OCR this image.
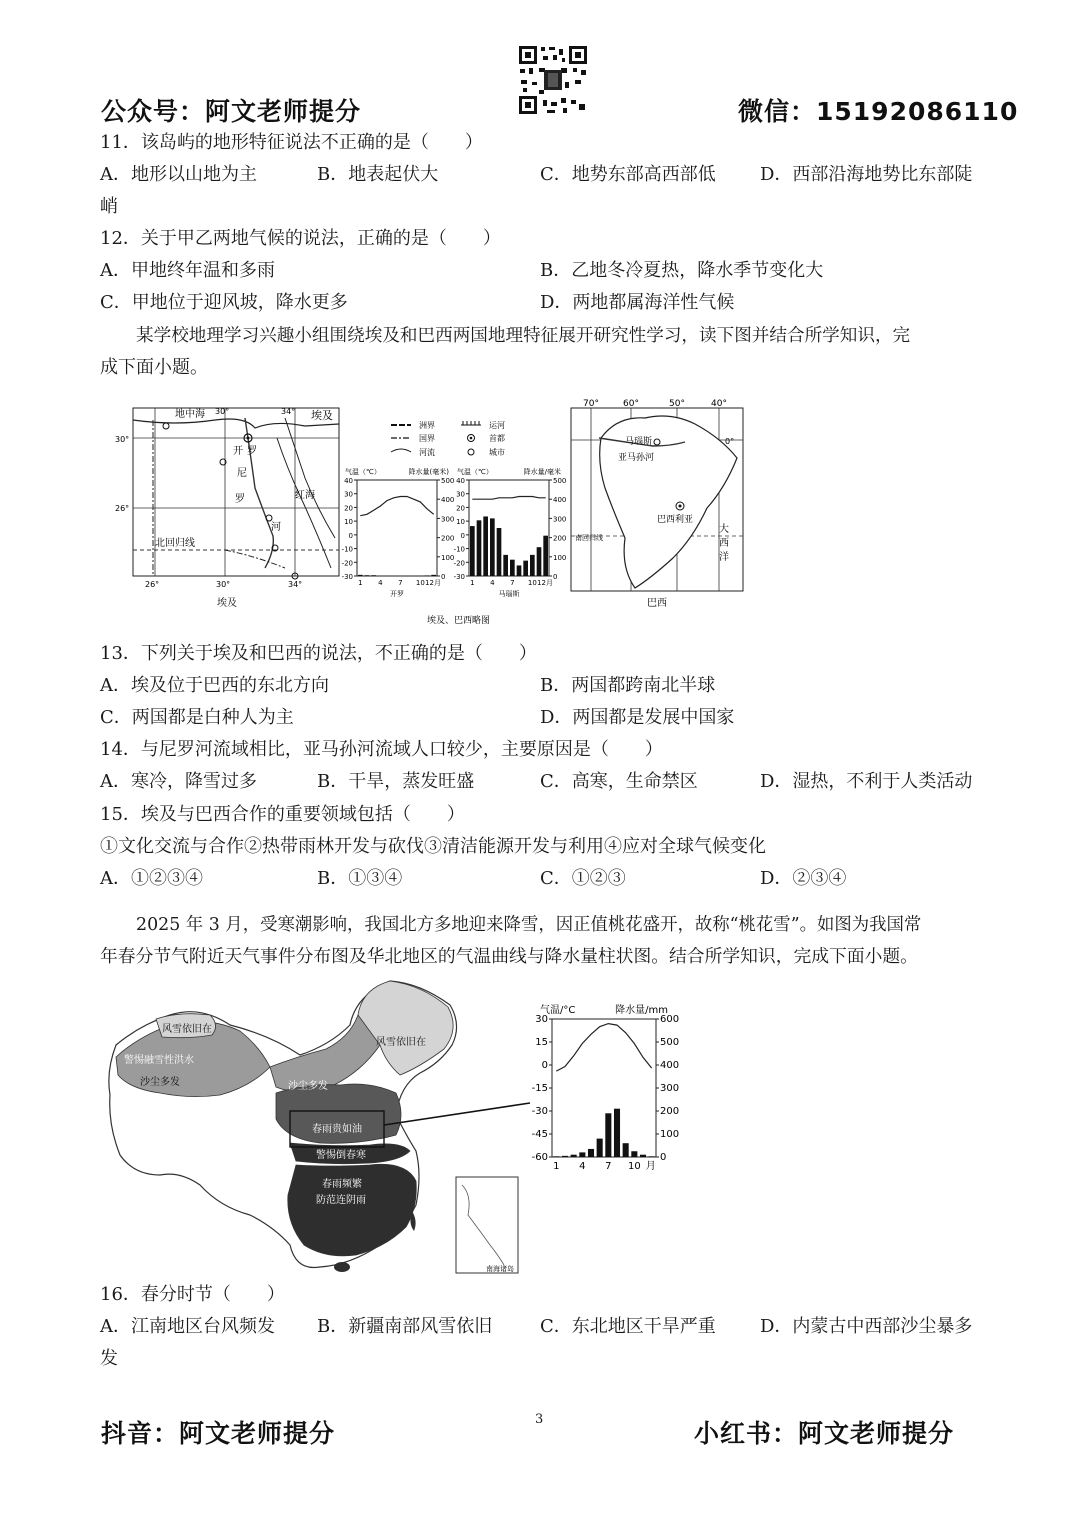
公众号：阿文老师提分	微信：15192086110
11．该岛屿的地形特征说法不正确的是（　　）
A．地形以山地为主	B．地表起伏大	C．地势东部高西部低 D．西部沿海地势比东部陡
峭
12．关于甲乙两地气候的说法，正确的是（　　）
A．甲地终年温和多雨	B．乙地冬冷夏热，降水季节变化大
C．甲地位于迎风坡，降水更多	D．两地都属海洋性气候
某学校地理学习兴趣小组围绕埃及和巴西两国地理特征展开研究性学习，读下图并结合所学知识，完
成下面小题。
地中海	埃及
开 罗
尼
罗
河
红海
北回归线
30°
26°
26°	30°	34°
30°	34°
埃及
洲界
国界
河流
运河
首都
城市
40
30
20
10
0
-10
-20
-30
500
400
300
200
100
0
1 4 7 10 12月
气温（℃）	降水量(毫米)
开罗
40
30
20
10
0
-10
-20
-30
500
400
300
200
100
0
1 4 7 10 12月
气温（℃）	降水量/毫米
马瑙斯
埃及、巴西略图
马瑙斯
亚马孙河
巴西利亚
南回归线
大
西
洋
0°
70°	60°	50°	40°
巴西
13．下列关于埃及和巴西的说法，不正确的是（　　）
A．埃及位于巴西的东北方向	B．两国都跨南北半球
C．两国都是白种人为主	D．两国都是发展中国家
14．与尼罗河流域相比，亚马孙河流域人口较少，主要原因是（　　）
A．寒冷，降雪过多	B．干旱，蒸发旺盛	C．高寒，生命禁区	D．湿热，不利于人类活动
15．埃及与巴西合作的重要领域包括（　　）
①文化交流与合作②热带雨林开发与砍伐③清洁能源开发与利用④应对全球气候变化
A．①②③④	B．①③④	C．①②③	D．②③④
2025 年 3 月，受寒潮影响，我国北方多地迎来降雪，因正值桃花盛开，故称“桃花雪”。如图为我国常
年春分节气附近天气事件分布图及华北地区的气温曲线与降水量柱状图。结合所学知识，完成下面小题。
风雪依旧在
警惕融雪性洪水
沙尘多发
风雪依旧在
沙尘多发
春雨贵如油
警惕倒春寒
春雨频繁
防范连阴雨
南海诸岛
30
15
0
-15
-30
-45
-60
600
500
400
300
200
100
0
1 4 7 10 月
气温/°C	降水量/mm
16．春分时节（　　）
A．江南地区台风频发 B．新疆南部风雪依旧	C．东北地区干旱严重 D．内蒙古中西部沙尘暴多
发
抖音：阿文老师提分	3	小红书：阿文老师提分
